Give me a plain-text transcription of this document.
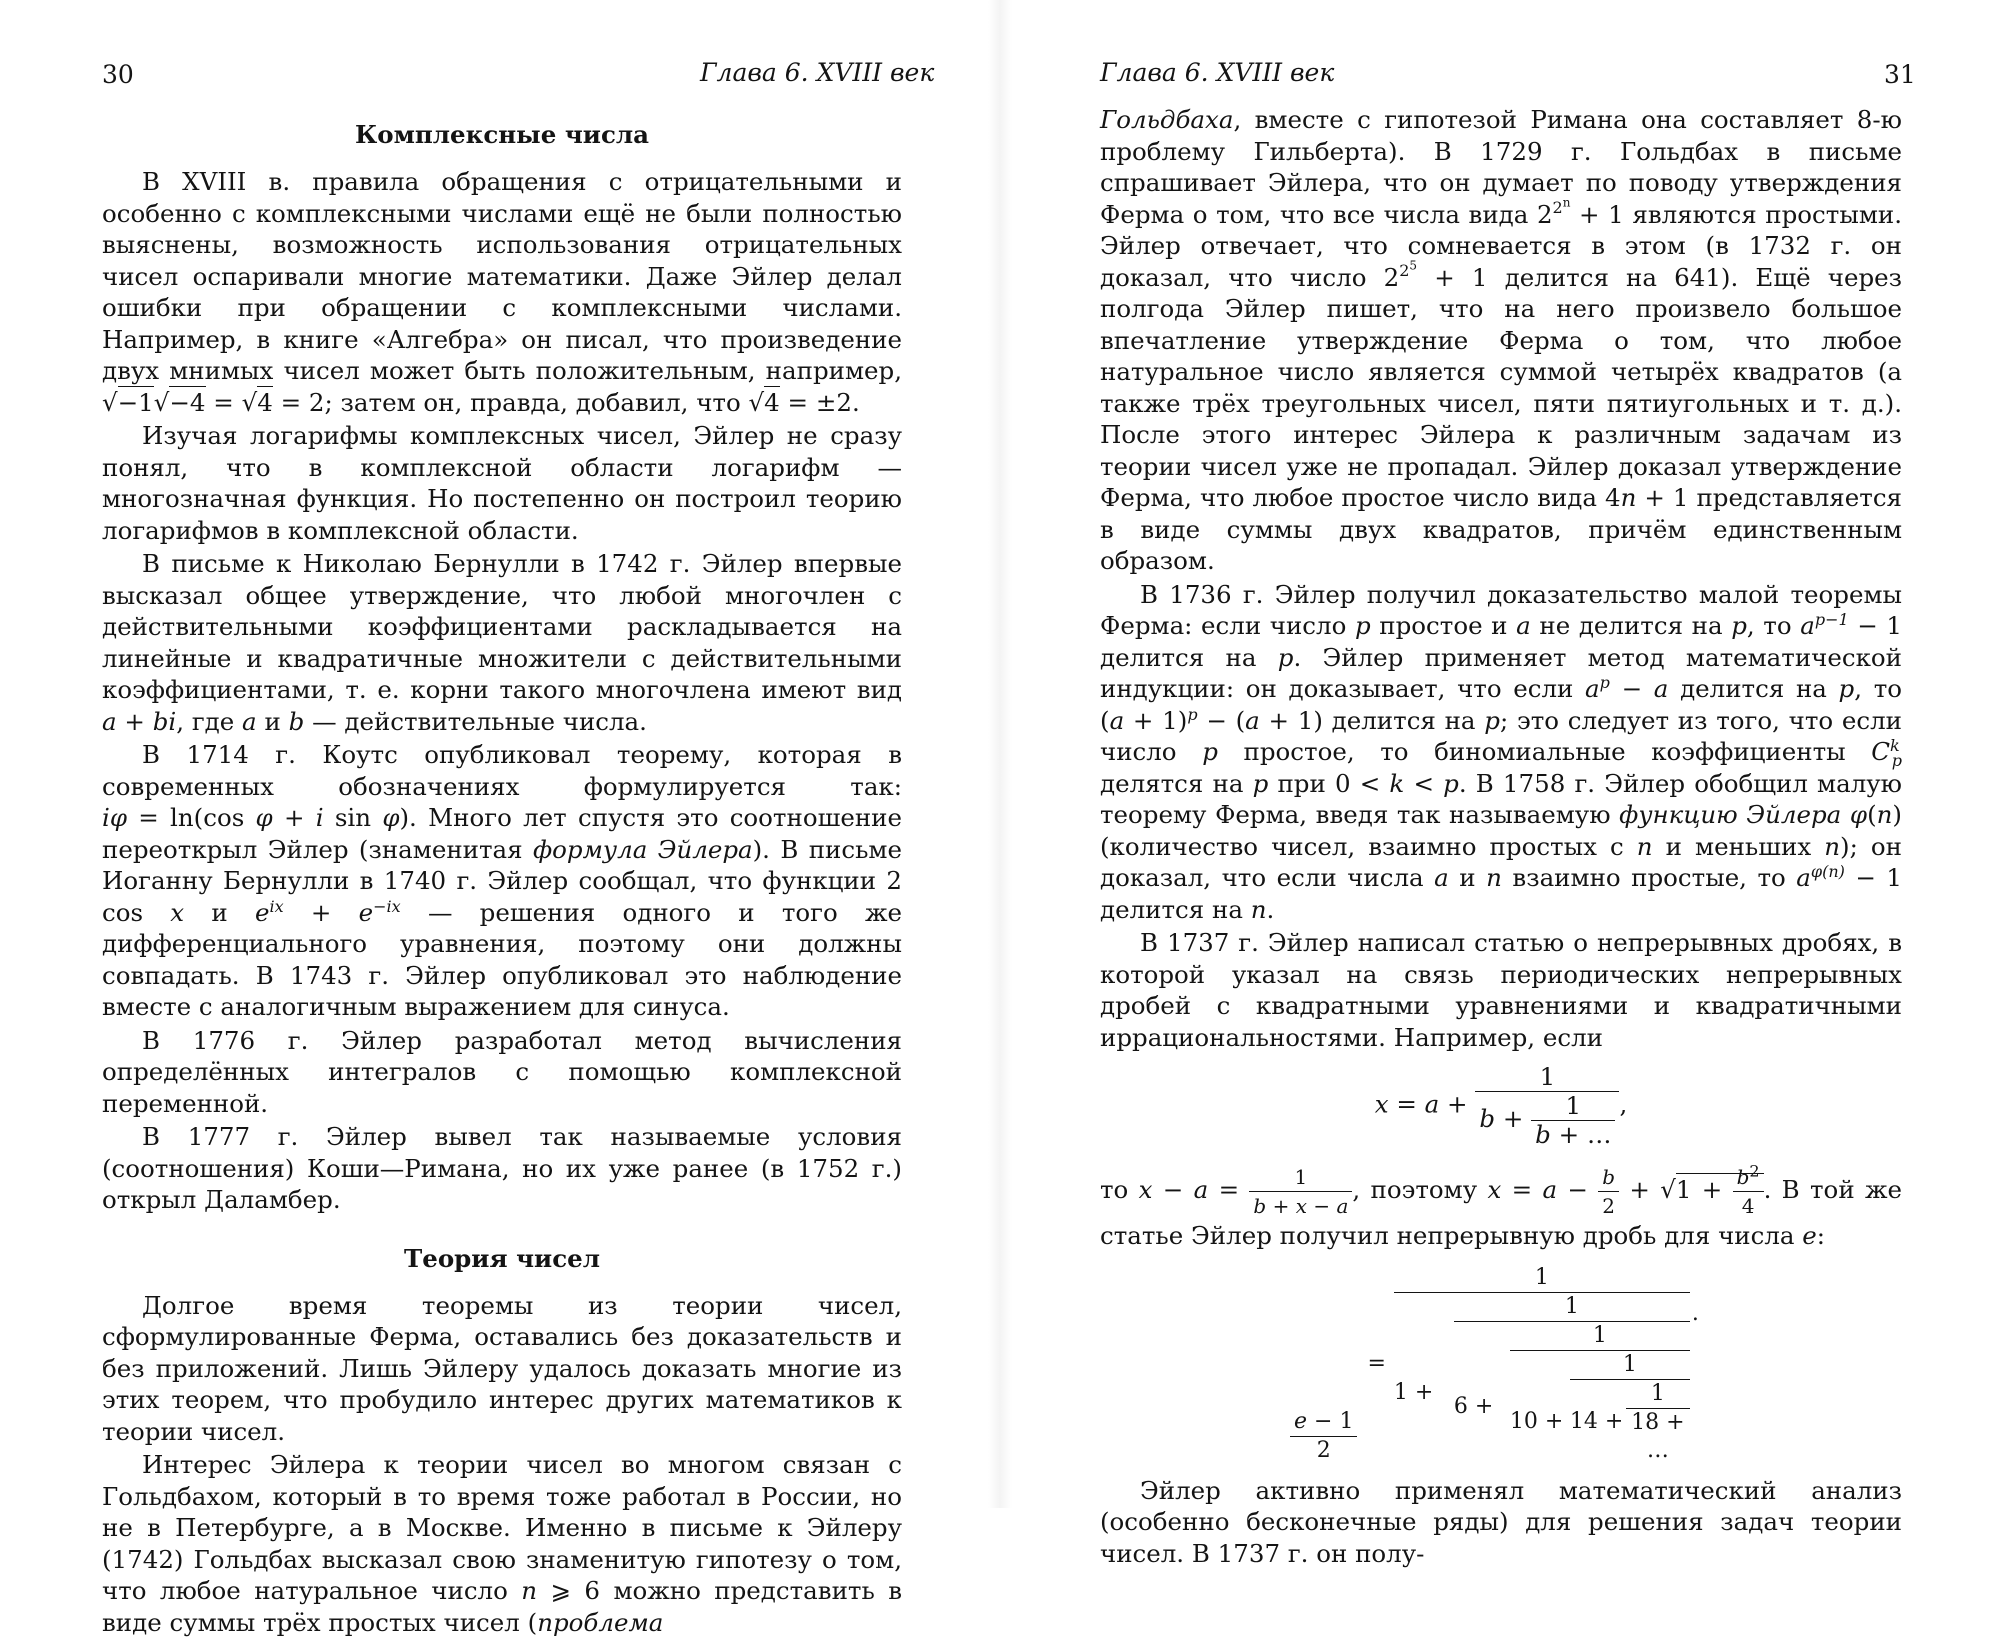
30	Глава 6. XVIII век
Комплексные числа

В XVIII в. правила обращения с отрицательными и особенно с комплексными числами ещё не были полностью выяснены, возможность использования отрицательных чисел оспаривали многие математики. Даже Эйлер делал ошибки при обращении с комплексными числами. Например, в книге «Алгебра» он писал, что произведение двух мнимых чисел может быть положительным, например, √−1√−4 = √4 = 2; затем он, правда, добавил, что √4 = ±2.

Изучая логарифмы комплексных чисел, Эйлер не сразу понял, что в комплексной области логарифм — многозначная функция. Но постепенно он построил теорию логарифмов в комплексной области.

В письме к Николаю Бернулли в 1742 г. Эйлер впервые высказал общее утверждение, что любой многочлен с действительными коэффициентами раскладывается на линейные и квадратичные множители с действительными коэффициентами, т. е. корни такого многочлена имеют вид a + bi, где a и b — действительные числа.

В 1714 г. Коутс опубликовал теорему, которая в современных обозначениях формулируется так: iφ = ln(cos φ + i sin φ). Много лет спустя это соотношение переоткрыл Эйлер (знаменитая формула Эйлера). В письме Иоганну Бернулли в 1740 г. Эйлер сообщал, что функции 2 cos x и $e^{ix} + e^{-ix}$ — решения одного и того же дифференциального уравнения, поэтому они должны совпадать. В 1743 г. Эйлер опубликовал это наблюдение вместе с аналогичным выражением для синуса.

В 1776 г. Эйлер разработал метод вычисления определённых интегралов с помощью комплексной переменной.

В 1777 г. Эйлер вывел так называемые условия (соотношения) Коши—Римана, но их уже ранее (в 1752 г.) открыл Даламбер.

Теория чисел

Долгое время теоремы из теории чисел, сформулированные Ферма, оставались без доказательств и без приложений. Лишь Эйлеру удалось доказать многие из этих теорем, что пробудило интерес других математиков к теории чисел.

Интерес Эйлера к теории чисел во многом связан с Гольдбахом, который в то время тоже работал в России, но не в Петербурге, а в Москве. Именно в письме к Эйлеру (1742) Гольдбах высказал свою знаменитую гипотезу о том, что любое натуральное число n ⩾ 6 можно представить в виде суммы трёх простых чисел (проблема

Глава 6. XVIII век	31

Гольдбаха, вместе с гипотезой Римана она составляет 8-ю проблему Гильберта). В 1729 г. Гольдбах в письме спрашивает Эйлера, что он думает по поводу утверждения Ферма о том, что все числа вида $2^{2^n} + 1$ являются простыми. Эйлер отвечает, что сомневается в этом (в 1732 г. он доказал, что число $2^{2^5} + 1$ делится на 641). Ещё через полгода Эйлер пишет, что на него произвело большое впечатление утверждение Ферма о том, что любое натуральное число является суммой четырёх квадратов (а также трёх треугольных чисел, пяти пятиугольных и т. д.). После этого интерес Эйлера к различным задачам из теории чисел уже не пропадал. Эйлер доказал утверждение Ферма, что любое простое число вида 4n + 1 представляется в виде суммы двух квадратов, причём единственным образом.

В 1736 г. Эйлер получил доказательство малой теоремы Ферма: если число p простое и a не делится на p, то $a^{p-1} - 1$ делится на p. Эйлер применяет метод математической индукции: он доказывает, что если $a^p - a$ делится на p, то $(a + 1)^p - (a + 1)$ делится на p; это следует из того, что если число p простое, то биномиальные коэффициенты $C^k_p$ делятся на p при 0 < k < p. В 1758 г. Эйлер обобщил малую теорему Ферма, введя так называемую функцию Эйлера φ(n) (количество чисел, взаимно простых с n и меньших n); он доказал, что если числа a и n взаимно простые, то $a^{\varphi(n)} - 1$ делится на n.

В 1737 г. Эйлер написал статью о непрерывных дробях, в которой указал на связь периодических непрерывных дробей с квадратными уравнениями и квадратичными иррациональностями. Например, если

$x = a + \frac{1}{b + \frac{1}{b + \dots}}$ ,

то $x - a = \frac{1}{b + x - a}$ , поэтому $x = a - \frac{b}{2} + √1 + \frac{b^2}{4}$ . В той же статье Эйлер получил непрерывную дробь для числа e:

$\frac{e - 1}{2}$
=
1
1 +
1
6 +
1
10 +
1
$14 + \frac{1}{18 + \dots}$
.

Эйлер активно применял математический анализ (особенно бесконечные ряды) для решения задач теории чисел. В 1737 г. он полу-
